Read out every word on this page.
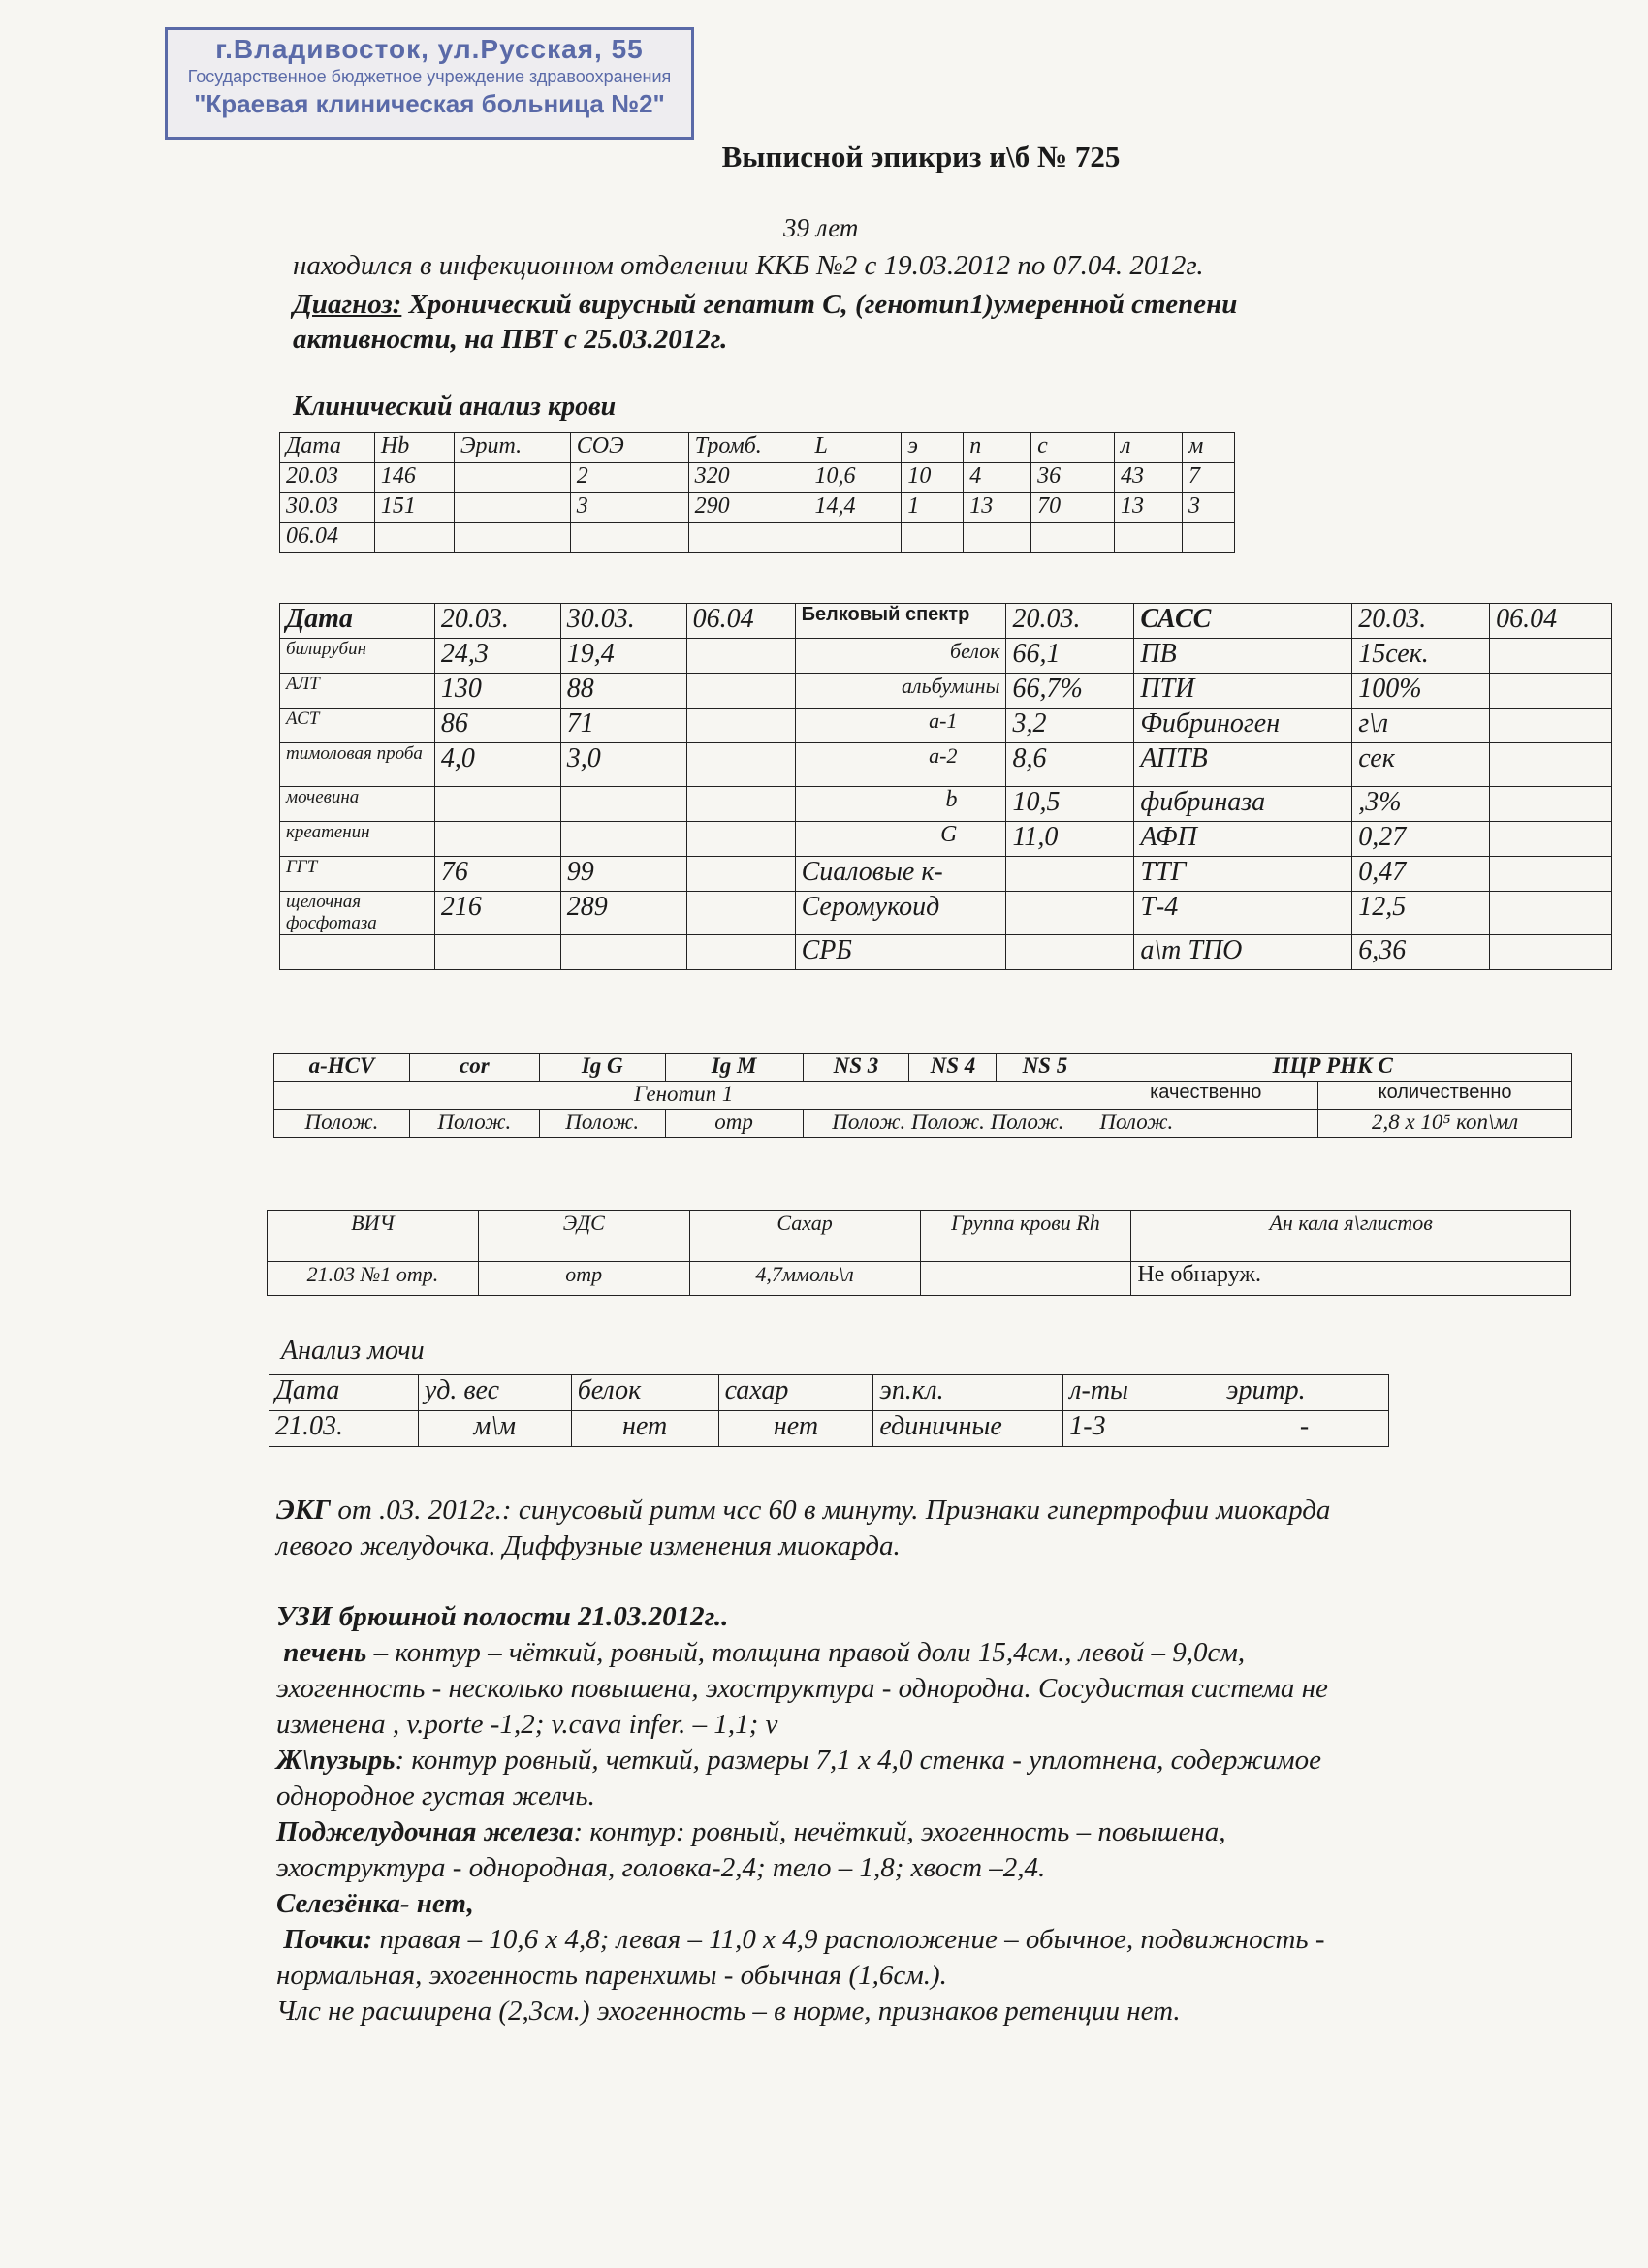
г.Владивосток, ул.Русская, 55
Государственное бюджетное учреждение здравоохранения
"Краевая клиническая больница №2"
Выписной эпикриз и\б № 725
39 лет
находился в инфекционном отделении ККБ №2 с 19.03.2012 по 07.04. 2012г.
Диагноз: Хронический вирусный гепатит С, (генотип1)умеренной степени
активности, на ПВТ с 25.03.2012г.
Клинический анализ крови
Дата	Hb	Эрит.	СОЭ	Тромб.	L	э	п	с	л	м
20.03	146		2	320	10,6	10	4	36	43	7
30.03	151		3	290	14,4	1	13	70	13	3
06.04										
Дата	20.03.	30.03.	06.04	Белковый спектр	20.03.	САСС	20.03.	06.04
билирубин	24,3	19,4		белок	66,1	ПВ	15сек.	
АЛТ	130	88		альбумины	66,7%	ПТИ	100%	
АСТ	86	71		а-1	3,2	Фибриноген	г\л	
тимоловая проба	4,0	3,0		а-2	8,6	АПТВ	сек	
мочевина				b	10,5	фибриназа	,3%	
креатенин				G	11,0	АФП	0,27	
ГГТ	76	99		Сиаловые к-		ТТГ	0,47	
щелочная фосфотаза	216	289		Серомукоид		Т-4	12,5	
				СРБ		а\т ТПО	6,36	
а-HCV	cor	Ig G	Ig M	NS 3	NS 4	NS 5	ПЦР РНК С	
Генотип 1							качественно	количественно
Полож.	Полож.	Полож.	отр	Полож. Полож. Полож.			Полож.	2,8 х 10⁵ коп\мл
ВИЧ	ЭДС	Сахар	Группа крови Rh	Ан кала я\глистов
21.03 №1 отр.	отр	4,7ммоль\л		Не обнаруж.
Анализ мочи
Дата	уд. вес	белок	сахар	эп.кл.	л-ты	эритр.
21.03.	м\м	нет	нет	единичные	1-3	-
ЭКГ от .03. 2012г.: синусовый ритм чсс 60 в минуту. Признаки гипертрофии миокарда
левого желудочка. Диффузные изменения миокарда.
УЗИ брюшной полости 21.03.2012г..
печень – контур – чёткий, ровный, толщина правой доли 15,4см., левой – 9,0см,
эхогенность - несколько повышена, эхоструктура - однородна. Сосудистая система не
изменена , v.porte -1,2; v.cava infer. – 1,1; v
Ж\пузырь: контур ровный, четкий, размеры 7,1 х 4,0 стенка - уплотнена, содержимое
однородное густая желчь.
Поджелудочная железа: контур: ровный, нечёткий, эхогенность – повышена,
эхоструктура - однородная, головка-2,4; тело – 1,8; хвост –2,4.
Селезёнка- нет,
Почки: правая – 10,6 х 4,8; левая – 11,0 х 4,9 расположение – обычное, подвижность -
нормальная, эхогенность паренхимы - обычная (1,6см.).
Члс не расширена (2,3см.) эхогенность – в норме, признаков ретенции нет.
